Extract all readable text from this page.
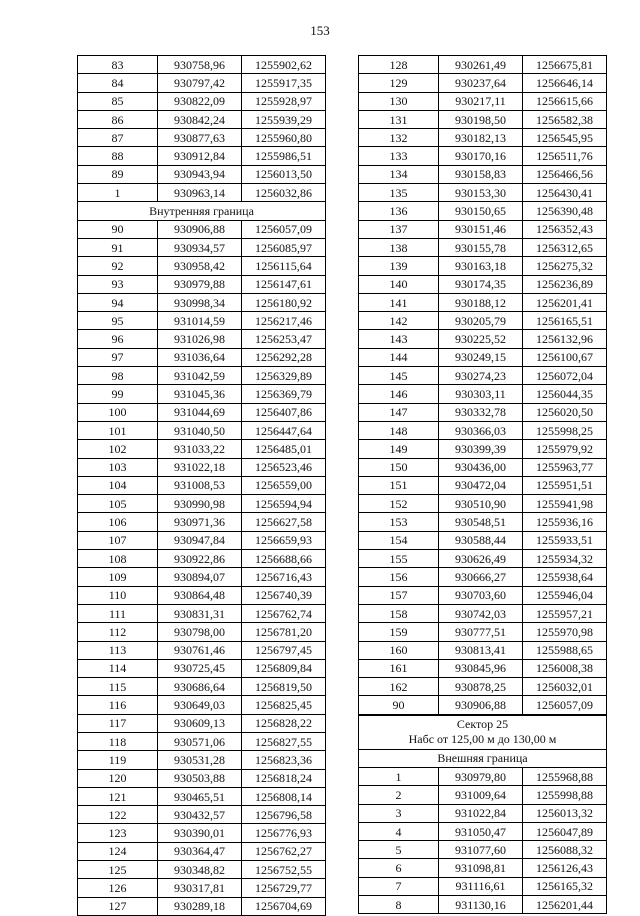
153
83	930758,96	1255902,62
84	930797,42	1255917,35
85	930822,09	1255928,97
86	930842,24	1255939,29
87	930877,63	1255960,80
88	930912,84	1255986,51
89	930943,94	1256013,50
1	930963,14	1256032,86
Внутренняя граница		
90	930906,88	1256057,09
91	930934,57	1256085,97
92	930958,42	1256115,64
93	930979,88	1256147,61
94	930998,34	1256180,92
95	931014,59	1256217,46
96	931026,98	1256253,47
97	931036,64	1256292,28
98	931042,59	1256329,89
99	931045,36	1256369,79
100	931044,69	1256407,86
101	931040,50	1256447,64
102	931033,22	1256485,01
103	931022,18	1256523,46
104	931008,53	1256559,00
105	930990,98	1256594,94
106	930971,36	1256627,58
107	930947,84	1256659,93
108	930922,86	1256688,66
109	930894,07	1256716,43
110	930864,48	1256740,39
111	930831,31	1256762,74
112	930798,00	1256781,20
113	930761,46	1256797,45
114	930725,45	1256809,84
115	930686,64	1256819,50
116	930649,03	1256825,45
117	930609,13	1256828,22
118	930571,06	1256827,55
119	930531,28	1256823,36
120	930503,88	1256818,24
121	930465,51	1256808,14
122	930432,57	1256796,58
123	930390,01	1256776,93
124	930364,47	1256762,27
125	930348,82	1256752,55
126	930317,81	1256729,77
127	930289,18	1256704,69
128	930261,49	1256675,81
129	930237,64	1256646,14
130	930217,11	1256615,66
131	930198,50	1256582,38
132	930182,13	1256545,95
133	930170,16	1256511,76
134	930158,83	1256466,56
135	930153,30	1256430,41
136	930150,65	1256390,48
137	930151,46	1256352,43
138	930155,78	1256312,65
139	930163,18	1256275,32
140	930174,35	1256236,89
141	930188,12	1256201,41
142	930205,79	1256165,51
143	930225,52	1256132,96
144	930249,15	1256100,67
145	930274,23	1256072,04
146	930303,11	1256044,35
147	930332,78	1256020,50
148	930366,03	1255998,25
149	930399,39	1255979,92
150	930436,00	1255963,77
151	930472,04	1255951,51
152	930510,90	1255941,98
153	930548,51	1255936,16
154	930588,44	1255933,51
155	930626,49	1255934,32
156	930666,27	1255938,64
157	930703,60	1255946,04
158	930742,03	1255957,21
159	930777,51	1255970,98
160	930813,41	1255988,65
161	930845,96	1256008,38
162	930878,25	1256032,01
90	930906,88	1256057,09
Сектор 25
Набс от 125,00 м до 130,00 м		

Внешняя граница		
1	930979,80	1255968,88
2	931009,64	1255998,88
3	931022,84	1256013,32
4	931050,47	1256047,89
5	931077,60	1256088,32
6	931098,81	1256126,43
7	931116,61	1256165,32
8	931130,16	1256201,44
